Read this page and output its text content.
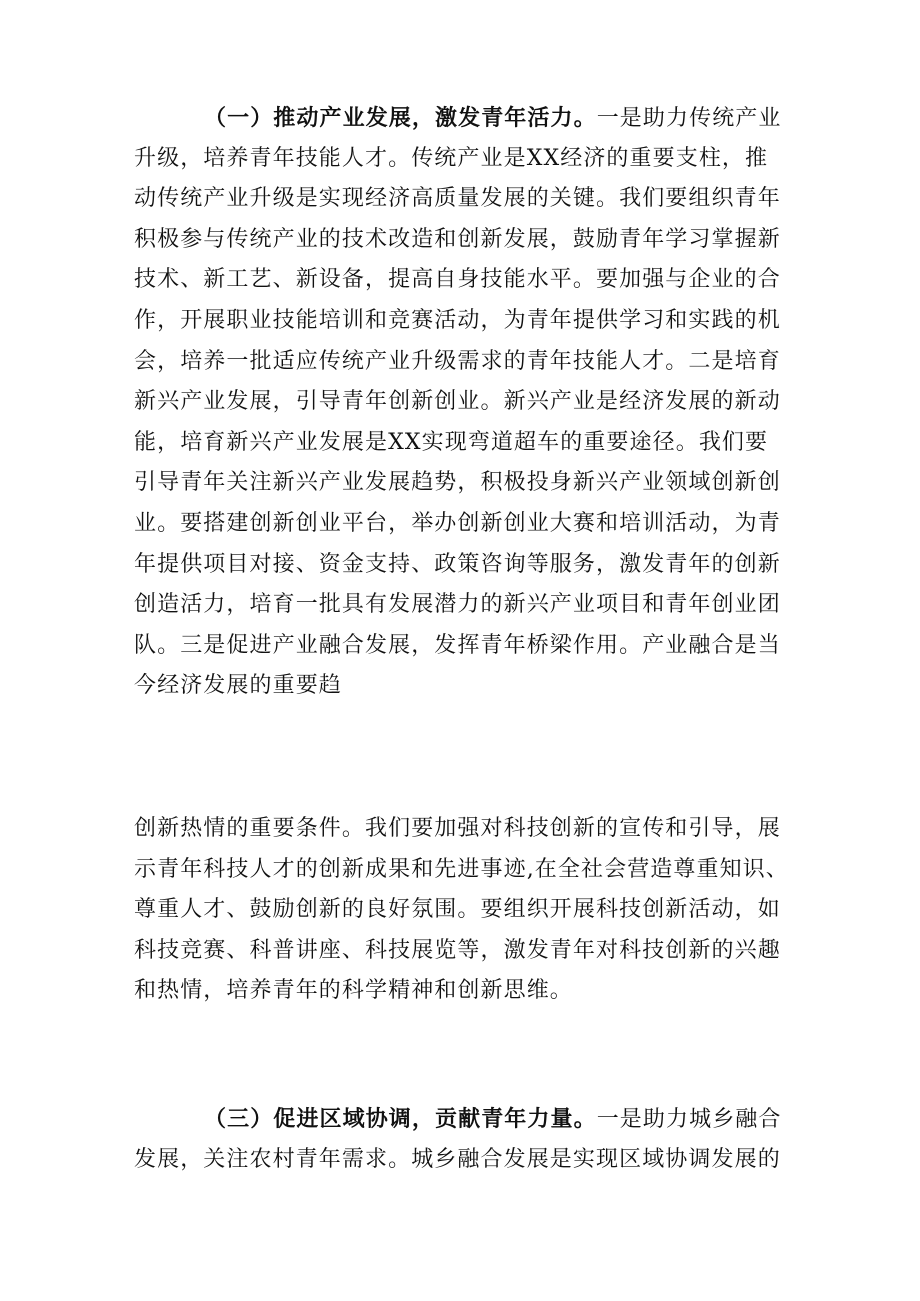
（一）推动产业发展，激发青年活力。一是助力传统产业
升级，培养青年技能人才。传统产业是XX经济的重要支柱，推
动传统产业升级是实现经济高质量发展的关键。我们要组织青年
积极参与传统产业的技术改造和创新发展，鼓励青年学习掌握新
技术、新工艺、新设备，提高自身技能水平。要加强与企业的合
作，开展职业技能培训和竞赛活动，为青年提供学习和实践的机
会，培养一批适应传统产业升级需求的青年技能人才。二是培育
新兴产业发展，引导青年创新创业。新兴产业是经济发展的新动
能，培育新兴产业发展是XX实现弯道超车的重要途径。我们要
引导青年关注新兴产业发展趋势，积极投身新兴产业领域创新创
业。要搭建创新创业平台，举办创新创业大赛和培训活动，为青
年提供项目对接、资金支持、政策咨询等服务，激发青年的创新
创造活力，培育一批具有发展潜力的新兴产业项目和青年创业团
队。三是促进产业融合发展，发挥青年桥梁作用。产业融合是当
今经济发展的重要趋
创新热情的重要条件。我们要加强对科技创新的宣传和引导，展
示青年科技人才的创新成果和先进事迹,在全社会营造尊重知识、
尊重人才、鼓励创新的良好氛围。要组织开展科技创新活动，如
科技竞赛、科普讲座、科技展览等，激发青年对科技创新的兴趣
和热情，培养青年的科学精神和创新思维。
（三）促进区域协调，贡献青年力量。一是助力城乡融合
发展，关注农村青年需求。城乡融合发展是实现区域协调发展的
